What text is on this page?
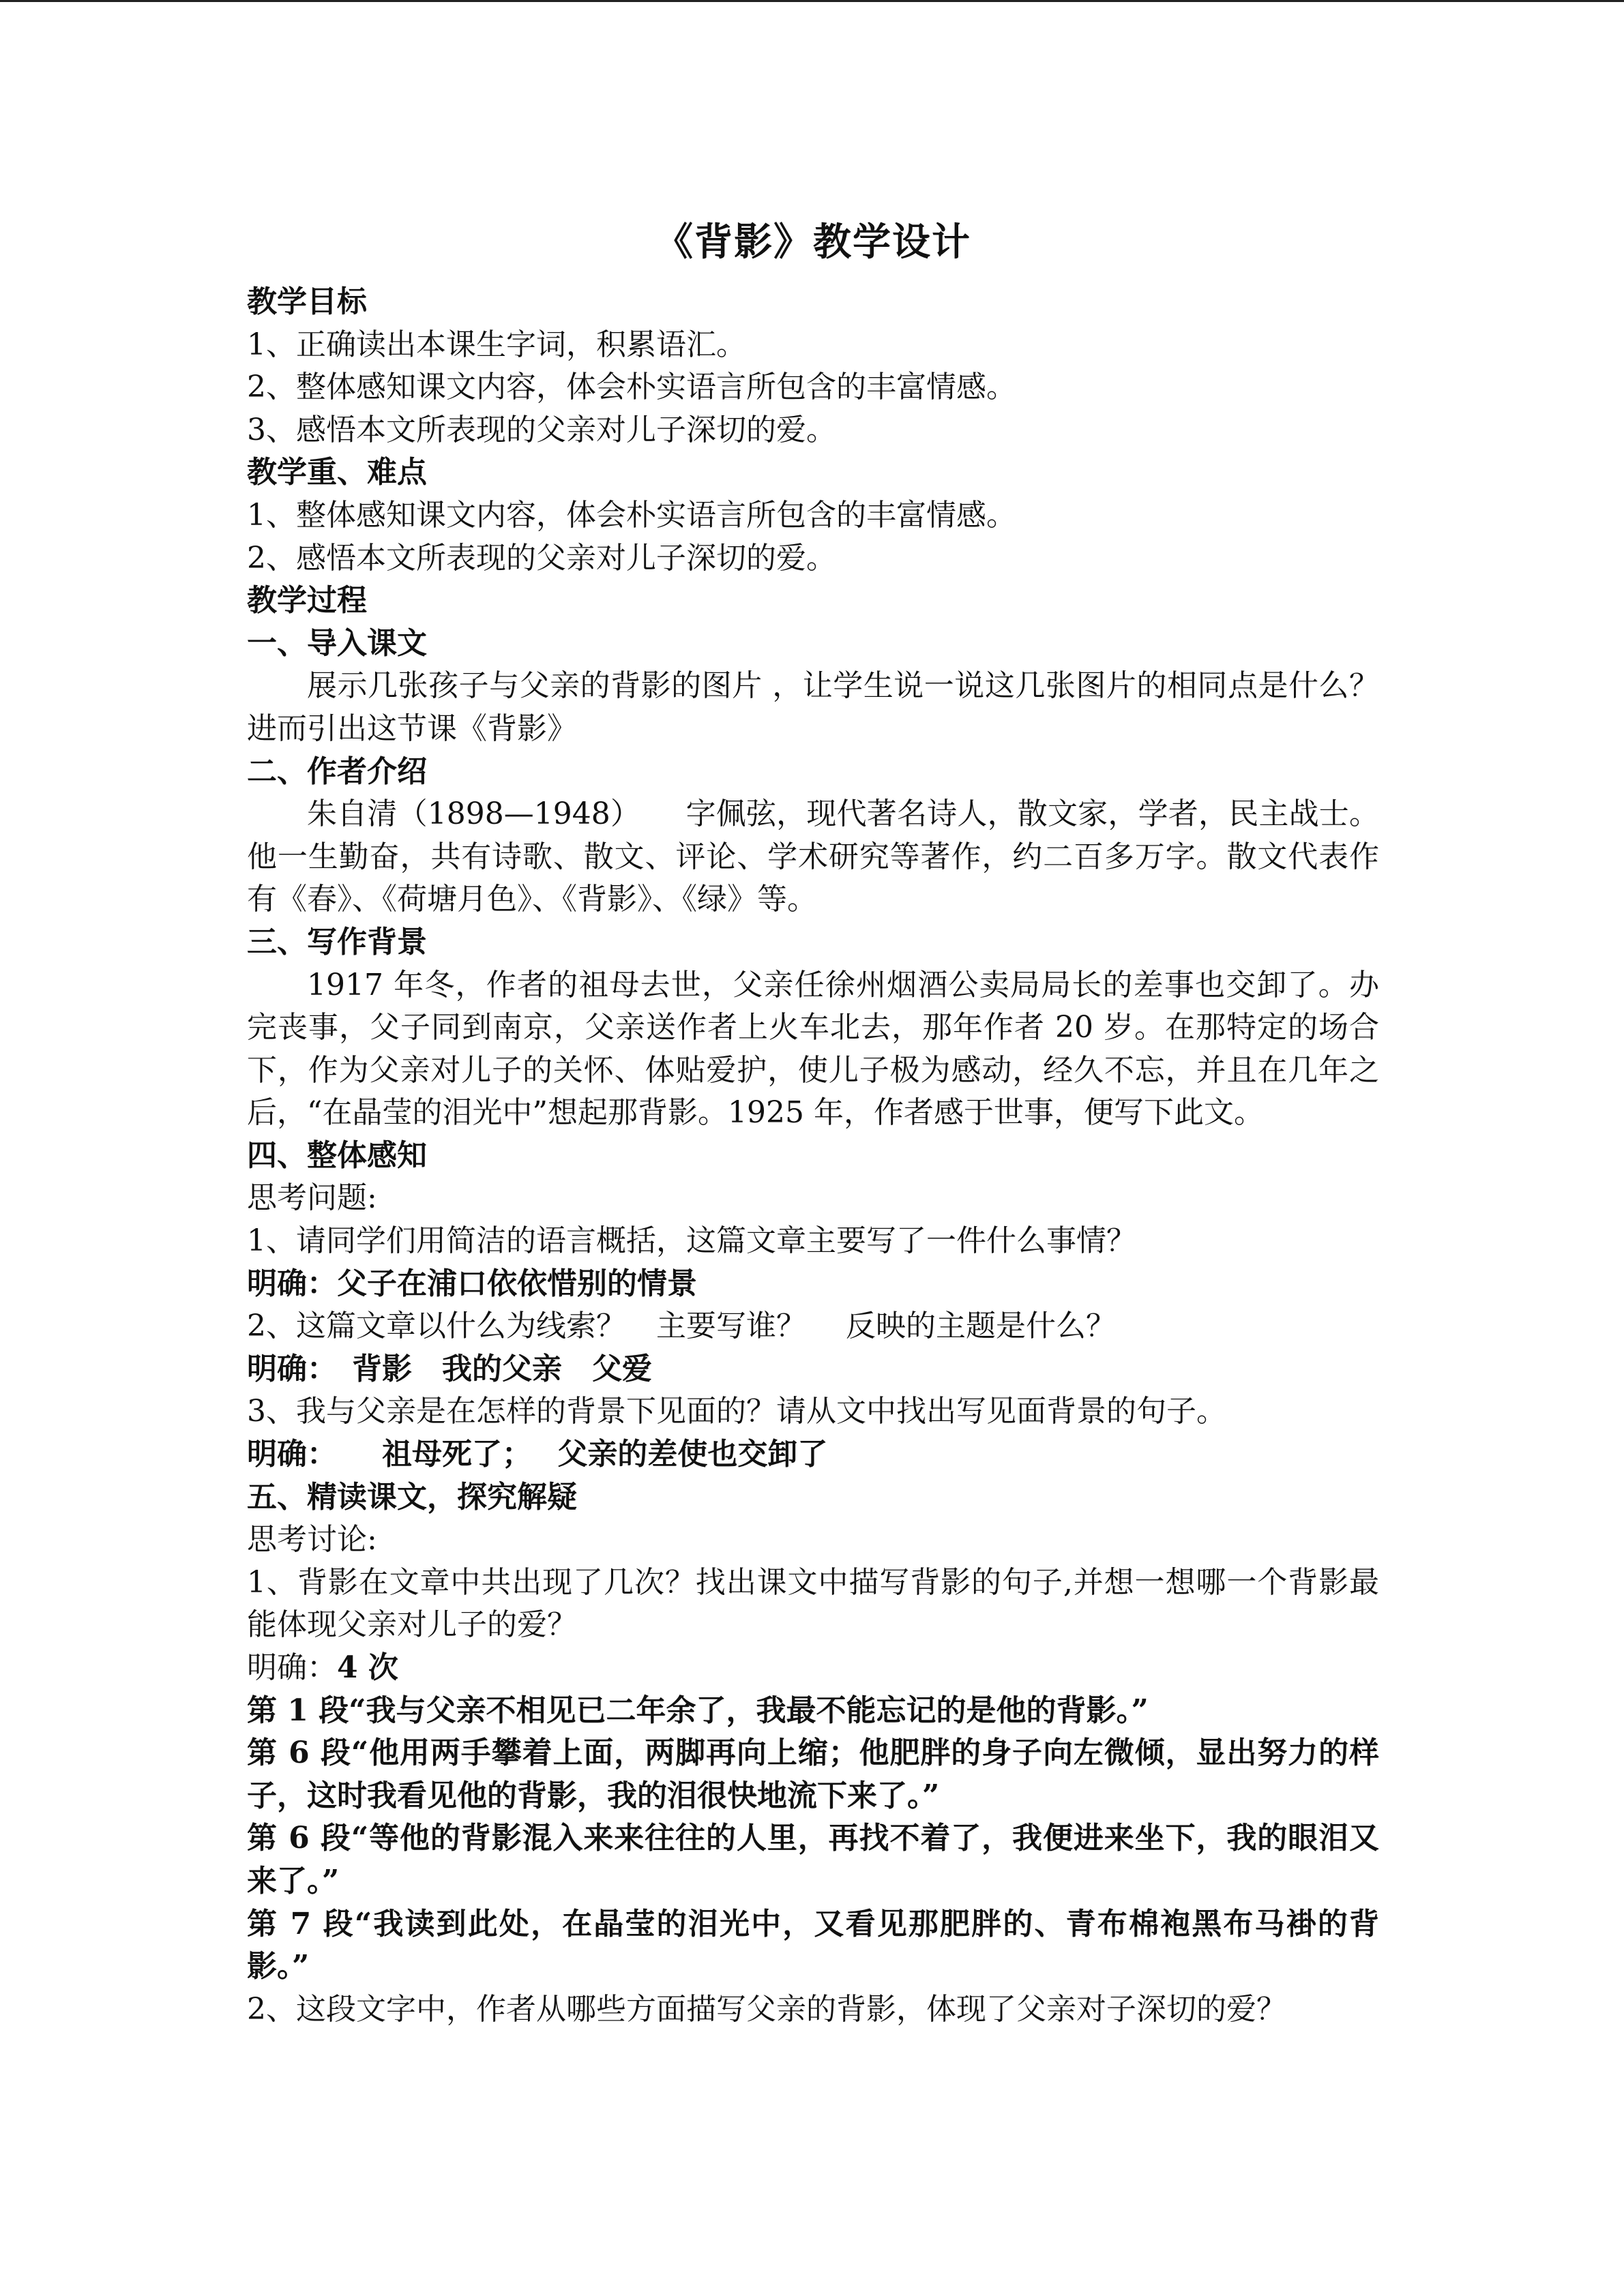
《背影》教学设计

教学目标

1、正确读出本课生字词，积累语汇。

2、整体感知课文内容，体会朴实语言所包含的丰富情感。

3、感悟本文所表现的父亲对儿子深切的爱。

教学重、难点

1、整体感知课文内容，体会朴实语言所包含的丰富情感。

2、感悟本文所表现的父亲对儿子深切的爱。

教学过程

一、导入课文

展示几张孩子与父亲的背影的图片 ，让学生说一说这几张图片的相同点是什么？进而引出这节课《背影》

二、作者介绍

朱自清（1898—1948）　　字佩弦，现代著名诗人，散文家，学者，民主战士。他一生勤奋，共有诗歌、散文、评论、学术研究等著作，约二百多万字。散文代表作有《春》、《荷塘月色》、《背影》、《绿》等。

三、写作背景

1917 年冬，作者的祖母去世，父亲任徐州烟酒公卖局局长的差事也交卸了。办完丧事，父子同到南京，父亲送作者上火车北去，那年作者 20 岁。在那特定的场合下，作为父亲对儿子的关怀、体贴爱护，使儿子极为感动，经久不忘，并且在几年之后，“在晶莹的泪光中”想起那背影。1925 年，作者感于世事，便写下此文。

四、整体感知

思考问题:

1、请同学们用简洁的语言概括，这篇文章主要写了一件什么事情？

明确：父子在浦口依依惜别的情景

2、这篇文章以什么为线索？　主要写谁？　 反映的主题是什么？

明确：　背影　我的父亲　父爱

3、我与父亲是在怎样的背景下见面的？请从文中找出写见面背景的句子。

明确：　　祖母死了；　 父亲的差使也交卸了

五、精读课文，探究解疑

思考讨论:

1、背影在文章中共出现了几次？找出课文中描写背影的句子,并想一想哪一个背影最能体现父亲对儿子的爱？

明确：4 次

第 1 段“我与父亲不相见已二年余了，我最不能忘记的是他的背影。”

第 6 段“他用两手攀着上面，两脚再向上缩；他肥胖的身子向左微倾，显出努力的样子，这时我看见他的背影，我的泪很快地流下来了。”

第 6 段“等他的背影混入来来往往的人里，再找不着了，我便进来坐下，我的眼泪又来了。”

第 7 段“我读到此处，在晶莹的泪光中，又看见那肥胖的、青布棉袍黑布马褂的背影。”

2、这段文字中，作者从哪些方面描写父亲的背影，体现了父亲对子深切的爱？
